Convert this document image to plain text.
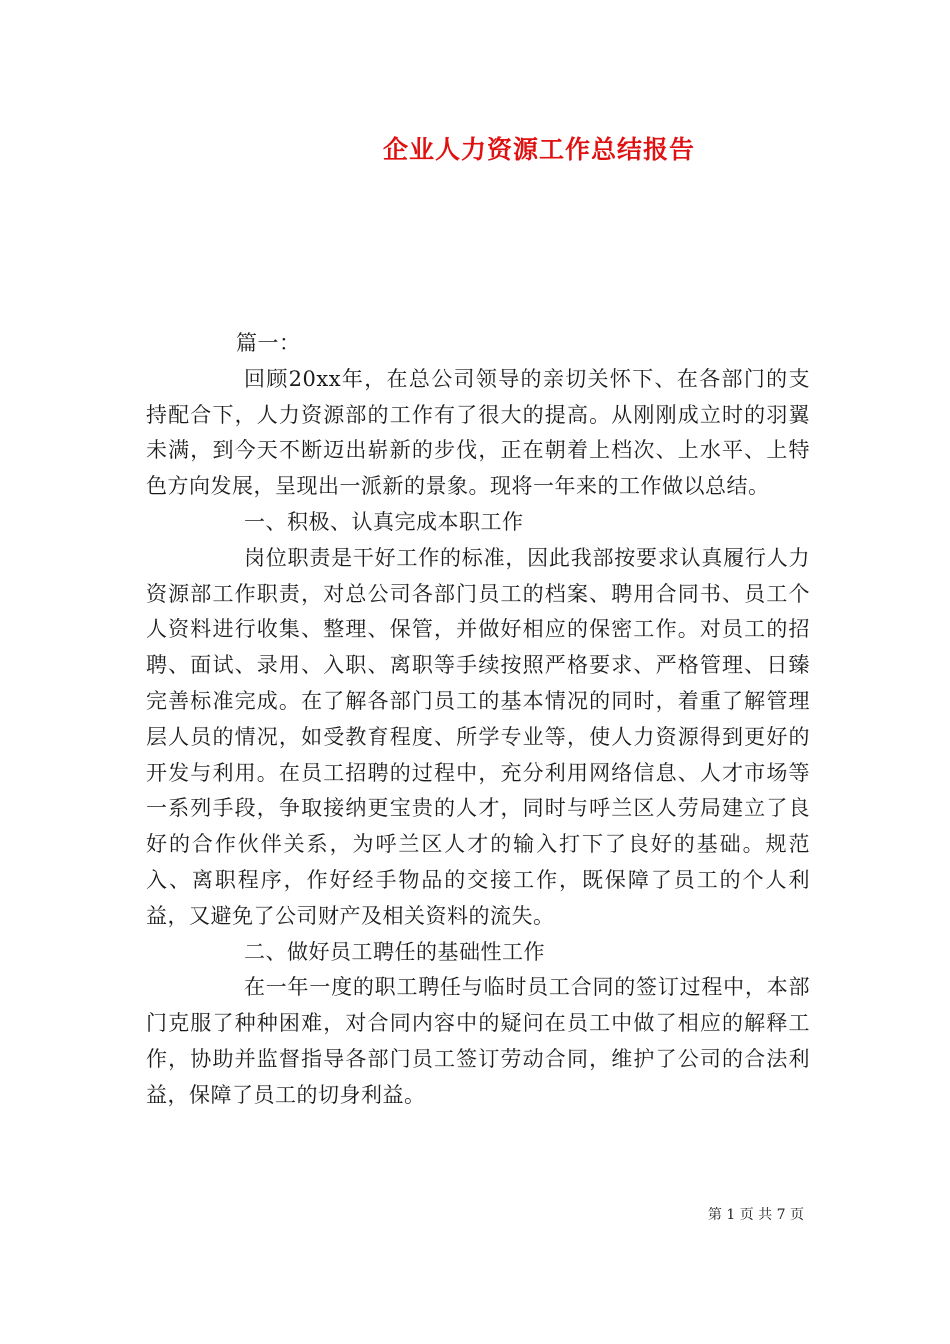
企业人力资源工作总结报告

篇一：

回顾20xx年，在总公司领导的亲切关怀下、在各部门的支持配合下，人力资源部的工作有了很大的提高。从刚刚成立时的羽翼未满，到今天不断迈出崭新的步伐，正在朝着上档次、上水平、上特色方向发展，呈现出一派新的景象。现将一年来的工作做以总结。

一、积极、认真完成本职工作

岗位职责是干好工作的标准，因此我部按要求认真履行人力资源部工作职责，对总公司各部门员工的档案、聘用合同书、员工个人资料进行收集、整理、保管，并做好相应的保密工作。对员工的招聘、面试、录用、入职、离职等手续按照严格要求、严格管理、日臻完善标准完成。在了解各部门员工的基本情况的同时，着重了解管理层人员的情况，如受教育程度、所学专业等，使人力资源得到更好的开发与利用。在员工招聘的过程中，充分利用网络信息、人才市场等一系列手段，争取接纳更宝贵的人才，同时与呼兰区人劳局建立了良好的合作伙伴关系，为呼兰区人才的输入打下了良好的基础。规范入、离职程序，作好经手物品的交接工作，既保障了员工的个人利益，又避免了公司财产及相关资料的流失。

二、做好员工聘任的基础性工作

在一年一度的职工聘任与临时员工合同的签订过程中，本部门克服了种种困难，对合同内容中的疑问在员工中做了相应的解释工作，协助并监督指导各部门员工签订劳动合同，维护了公司的合法利益，保障了员工的切身利益。

第 1 页 共 7 页
